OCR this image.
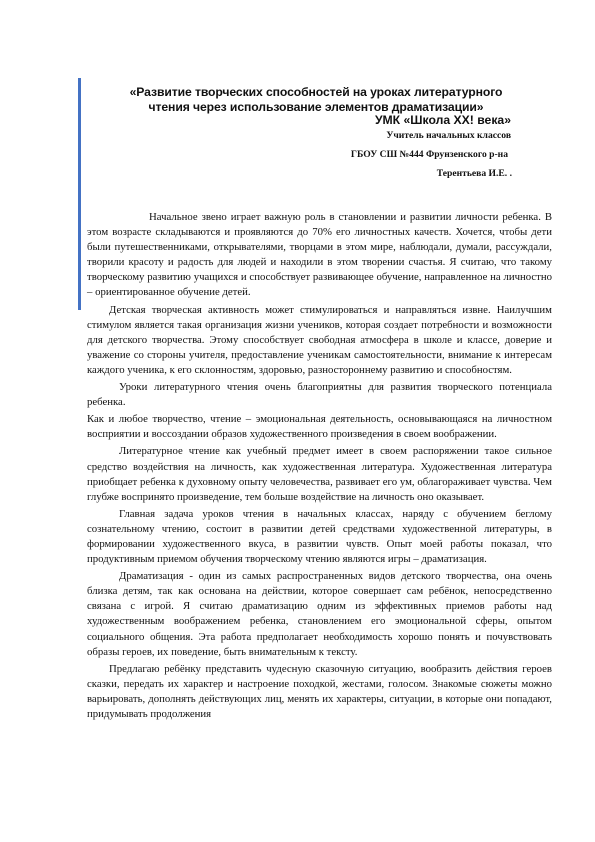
«Развитие творческих способностей на уроках литературного
чтения через использование элементов драматизации»
УМК «Школа XX! века»
Учитель начальных классов
ГБОУ СШ №444 Фрунзенского р-на
Терентьева И.Е. .

Начальное звено играет важную роль в становлении и развитии личности ребенка. В этом возрасте складываются и проявляются до 70% его личностных качеств. Хочется, чтобы дети были путешественниками, открывателями, творцами в этом мире, наблюдали, думали, рассуждали, творили красоту и радость для людей и находили в этом творении счастья. Я считаю, что такому творческому развитию учащихся и способствует развивающее обучение, направленное на личностно – ориентированное обучение детей.

Детская творческая активность может стимулироваться и направляться извне. Наилучшим стимулом является такая организация жизни учеников, которая создает потребности и возможности для детского творчества. Этому способствует свободная атмосфера в школе и классе, доверие и уважение со стороны учителя, предоставление ученикам самостоятельности, внимание к интересам каждого ученика, к его склонностям, здоровью, разностороннему развитию и способностям.

Уроки литературного чтения очень благоприятны для развития творческого потенциала ребенка.

Как и любое творчество, чтение – эмоциональная деятельность, основывающаяся на личностном восприятии и воссоздании образов художественного произведения в своем воображении.

Литературное чтение как учебный предмет имеет в своем распоряжении такое сильное средство воздействия на личность, как художественная литература. Художественная литература приобщает ребенка к духовному опыту человечества, развивает его ум, облагораживает чувства. Чем глубже воспринято произведение, тем больше воздействие на личность оно оказывает.

Главная задача уроков чтения в начальных классах, наряду с обучением беглому сознательному чтению, состоит в развитии детей средствами художественной литературы, в формировании художественного вкуса, в развитии чувств. Опыт моей работы показал, что продуктивным приемом обучения творческому чтению являются игры – драматизация.

Драматизация - один из самых распространенных видов детского творчества, она очень близка детям, так как основана на действии, которое совершает сам ребёнок, непосредственно связана с игрой. Я считаю драматизацию одним из эффективных приемов работы над художественным воображением ребенка, становлением его эмоциональной сферы, опытом социального общения. Эта работа предполагает необходимость хорошо понять и почувствовать образы героев, их поведение, быть внимательным к тексту.

Предлагаю ребёнку представить чудесную сказочную ситуацию, вообразить действия героев сказки, передать их характер и настроение походкой, жестами, голосом. Знакомые сюжеты можно варьировать, дополнять действующих лиц, менять их характеры, ситуации, в которые они попадают, придумывать продолжения
